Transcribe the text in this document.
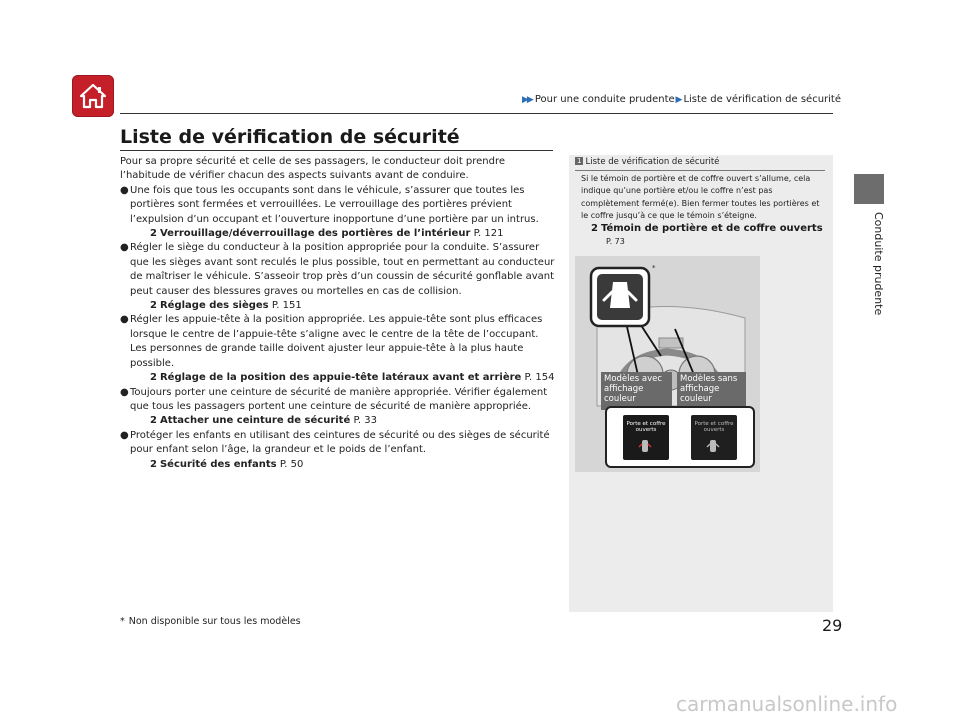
▶▶ Pour une conduite prudente ▶ Liste de vérification de sécurité
Conduite prudente
Liste de vérification de sécurité

Pour sa propre sécurité et celle de ses passagers, le conducteur doit prendre l’habitude de vérifier chacun des aspects suivants avant de conduire.

● Une fois que tous les occupants sont dans le véhicule, s’assurer que toutes les portières sont fermées et verrouillées. Le verrouillage des portières prévient l’expulsion d’un occupant et l’ouverture inopportune d’une portière par un intrus.

2 Verrouillage/déverrouillage des portières de l’intérieur P. 121

● Régler le siège du conducteur à la position appropriée pour la conduite. S’assurer que les sièges avant sont reculés le plus possible, tout en permettant au conducteur de maîtriser le véhicule. S’asseoir trop près d’un coussin de sécurité gonflable avant peut causer des blessures graves ou mortelles en cas de collision.

2 Réglage des sièges P. 151

● Régler les appuie-tête à la position appropriée. Les appuie-tête sont plus efficaces lorsque le centre de l’appuie-tête s’aligne avec le centre de la tête de l’occupant. Les personnes de grande taille doivent ajuster leur appuie-tête à la plus haute possible.

2 Réglage de la position des appuie-tête latéraux avant et arrière P. 154

● Toujours porter une ceinture de sécurité de manière appropriée. Vérifier également que tous les passagers portent une ceinture de sécurité de manière appropriée.

2 Attacher une ceinture de sécurité P. 33

● Protéger les enfants en utilisant des ceintures de sécurité ou des sièges de sécurité pour enfant selon l’âge, la grandeur et le poids de l’enfant.

2 Sécurité des enfants P. 50

1 Liste de vérification de sécurité
Si le témoin de portière et de coffre ouvert s’allume, cela indique qu’une portière et/ou le coffre n’est pas complètement fermé(e). Bien fermer toutes les portières et le coffre jusqu’à ce que le témoin s’éteigne.
2 Témoin de portière et de coffre ouverts
P. 73
*
Modèles avec affichage couleur
Modèles sans affichage couleur
Porte et coffre ouverts
Porte et coffre ouverts
* Non disponible sur tous les modèles	29
carmanualsonline.info
